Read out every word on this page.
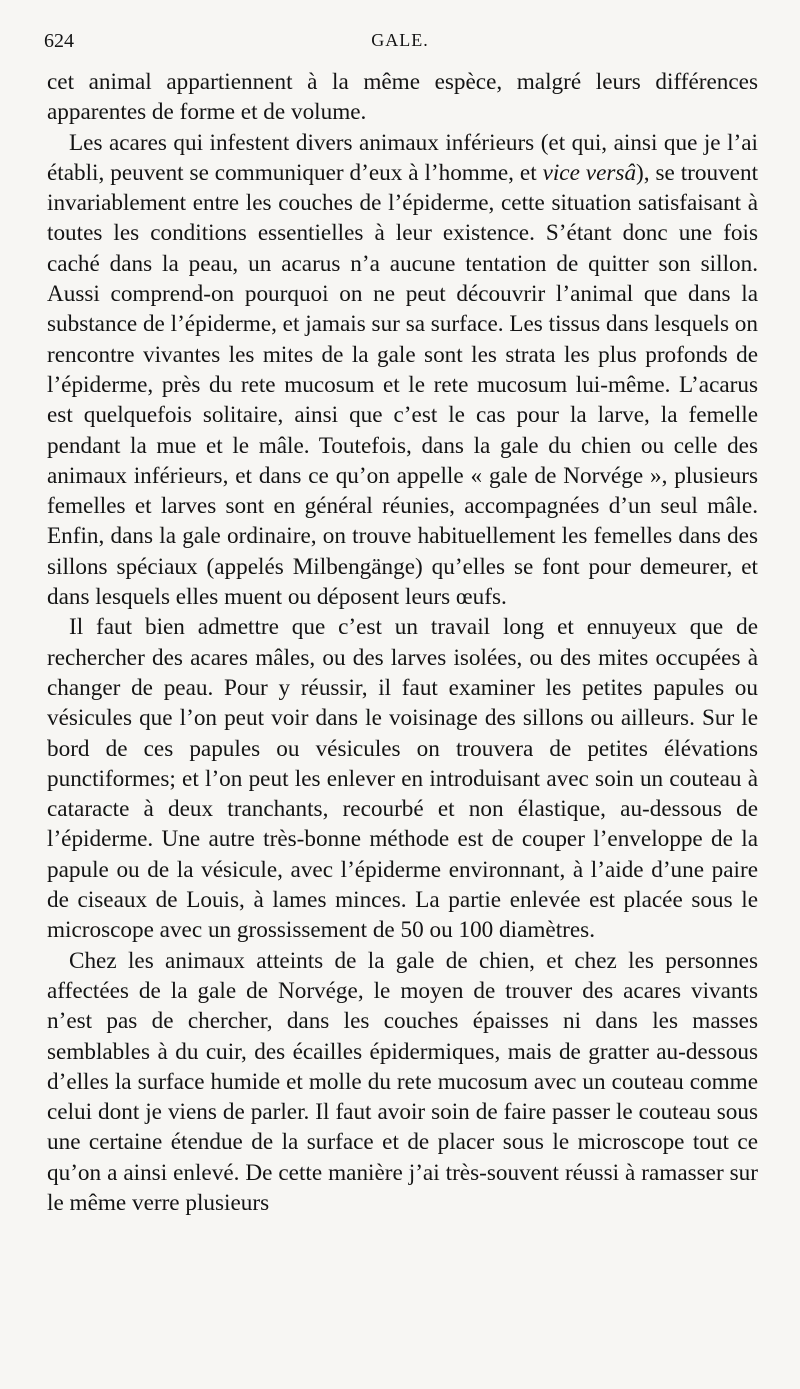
624	GALE.

cet animal appartiennent à la même espèce, malgré leurs différences apparentes de forme et de volume.

Les acares qui infestent divers animaux inférieurs (et qui, ainsi que je l’ai établi, peuvent se communiquer d’eux à l’homme, et vice versâ), se trouvent invariablement entre les couches de l’épiderme, cette situation satisfaisant à toutes les conditions essentielles à leur existence. S’étant donc une fois caché dans la peau, un acarus n’a aucune tentation de quitter son sillon. Aussi comprend-on pourquoi on ne peut découvrir l’animal que dans la substance de l’épiderme, et jamais sur sa surface. Les tissus dans lesquels on rencontre vivantes les mites de la gale sont les strata les plus profonds de l’épiderme, près du rete mucosum et le rete mucosum lui-même. L’acarus est quelquefois solitaire, ainsi que c’est le cas pour la larve, la femelle pendant la mue et le mâle. Toutefois, dans la gale du chien ou celle des animaux inférieurs, et dans ce qu’on appelle « gale de Norvége », plusieurs femelles et larves sont en général réunies, accompagnées d’un seul mâle. Enfin, dans la gale ordinaire, on trouve habituellement les femelles dans des sillons spéciaux (appelés Milbengänge) qu’elles se font pour demeurer, et dans lesquels elles muent ou déposent leurs œufs.

Il faut bien admettre que c’est un travail long et ennuyeux que de rechercher des acares mâles, ou des larves isolées, ou des mites occupées à changer de peau. Pour y réussir, il faut examiner les petites papules ou vésicules que l’on peut voir dans le voisinage des sillons ou ailleurs. Sur le bord de ces papules ou vésicules on trouvera de petites élévations punctiformes; et l’on peut les enlever en introduisant avec soin un couteau à cataracte à deux tranchants, recourbé et non élastique, au-dessous de l’épiderme. Une autre très-bonne méthode est de couper l’enveloppe de la papule ou de la vésicule, avec l’épiderme environnant, à l’aide d’une paire de ciseaux de Louis, à lames minces. La partie enlevée est placée sous le microscope avec un grossissement de 50 ou 100 diamètres.

Chez les animaux atteints de la gale de chien, et chez les personnes affectées de la gale de Norvége, le moyen de trouver des acares vivants n’est pas de chercher, dans les couches épaisses ni dans les masses semblables à du cuir, des écailles épidermiques, mais de gratter au-dessous d’elles la surface humide et molle du rete mucosum avec un couteau comme celui dont je viens de parler. Il faut avoir soin de faire passer le couteau sous une certaine étendue de la surface et de placer sous le microscope tout ce qu’on a ainsi enlevé. De cette manière j’ai très-souvent réussi à ramasser sur le même verre plusieurs
